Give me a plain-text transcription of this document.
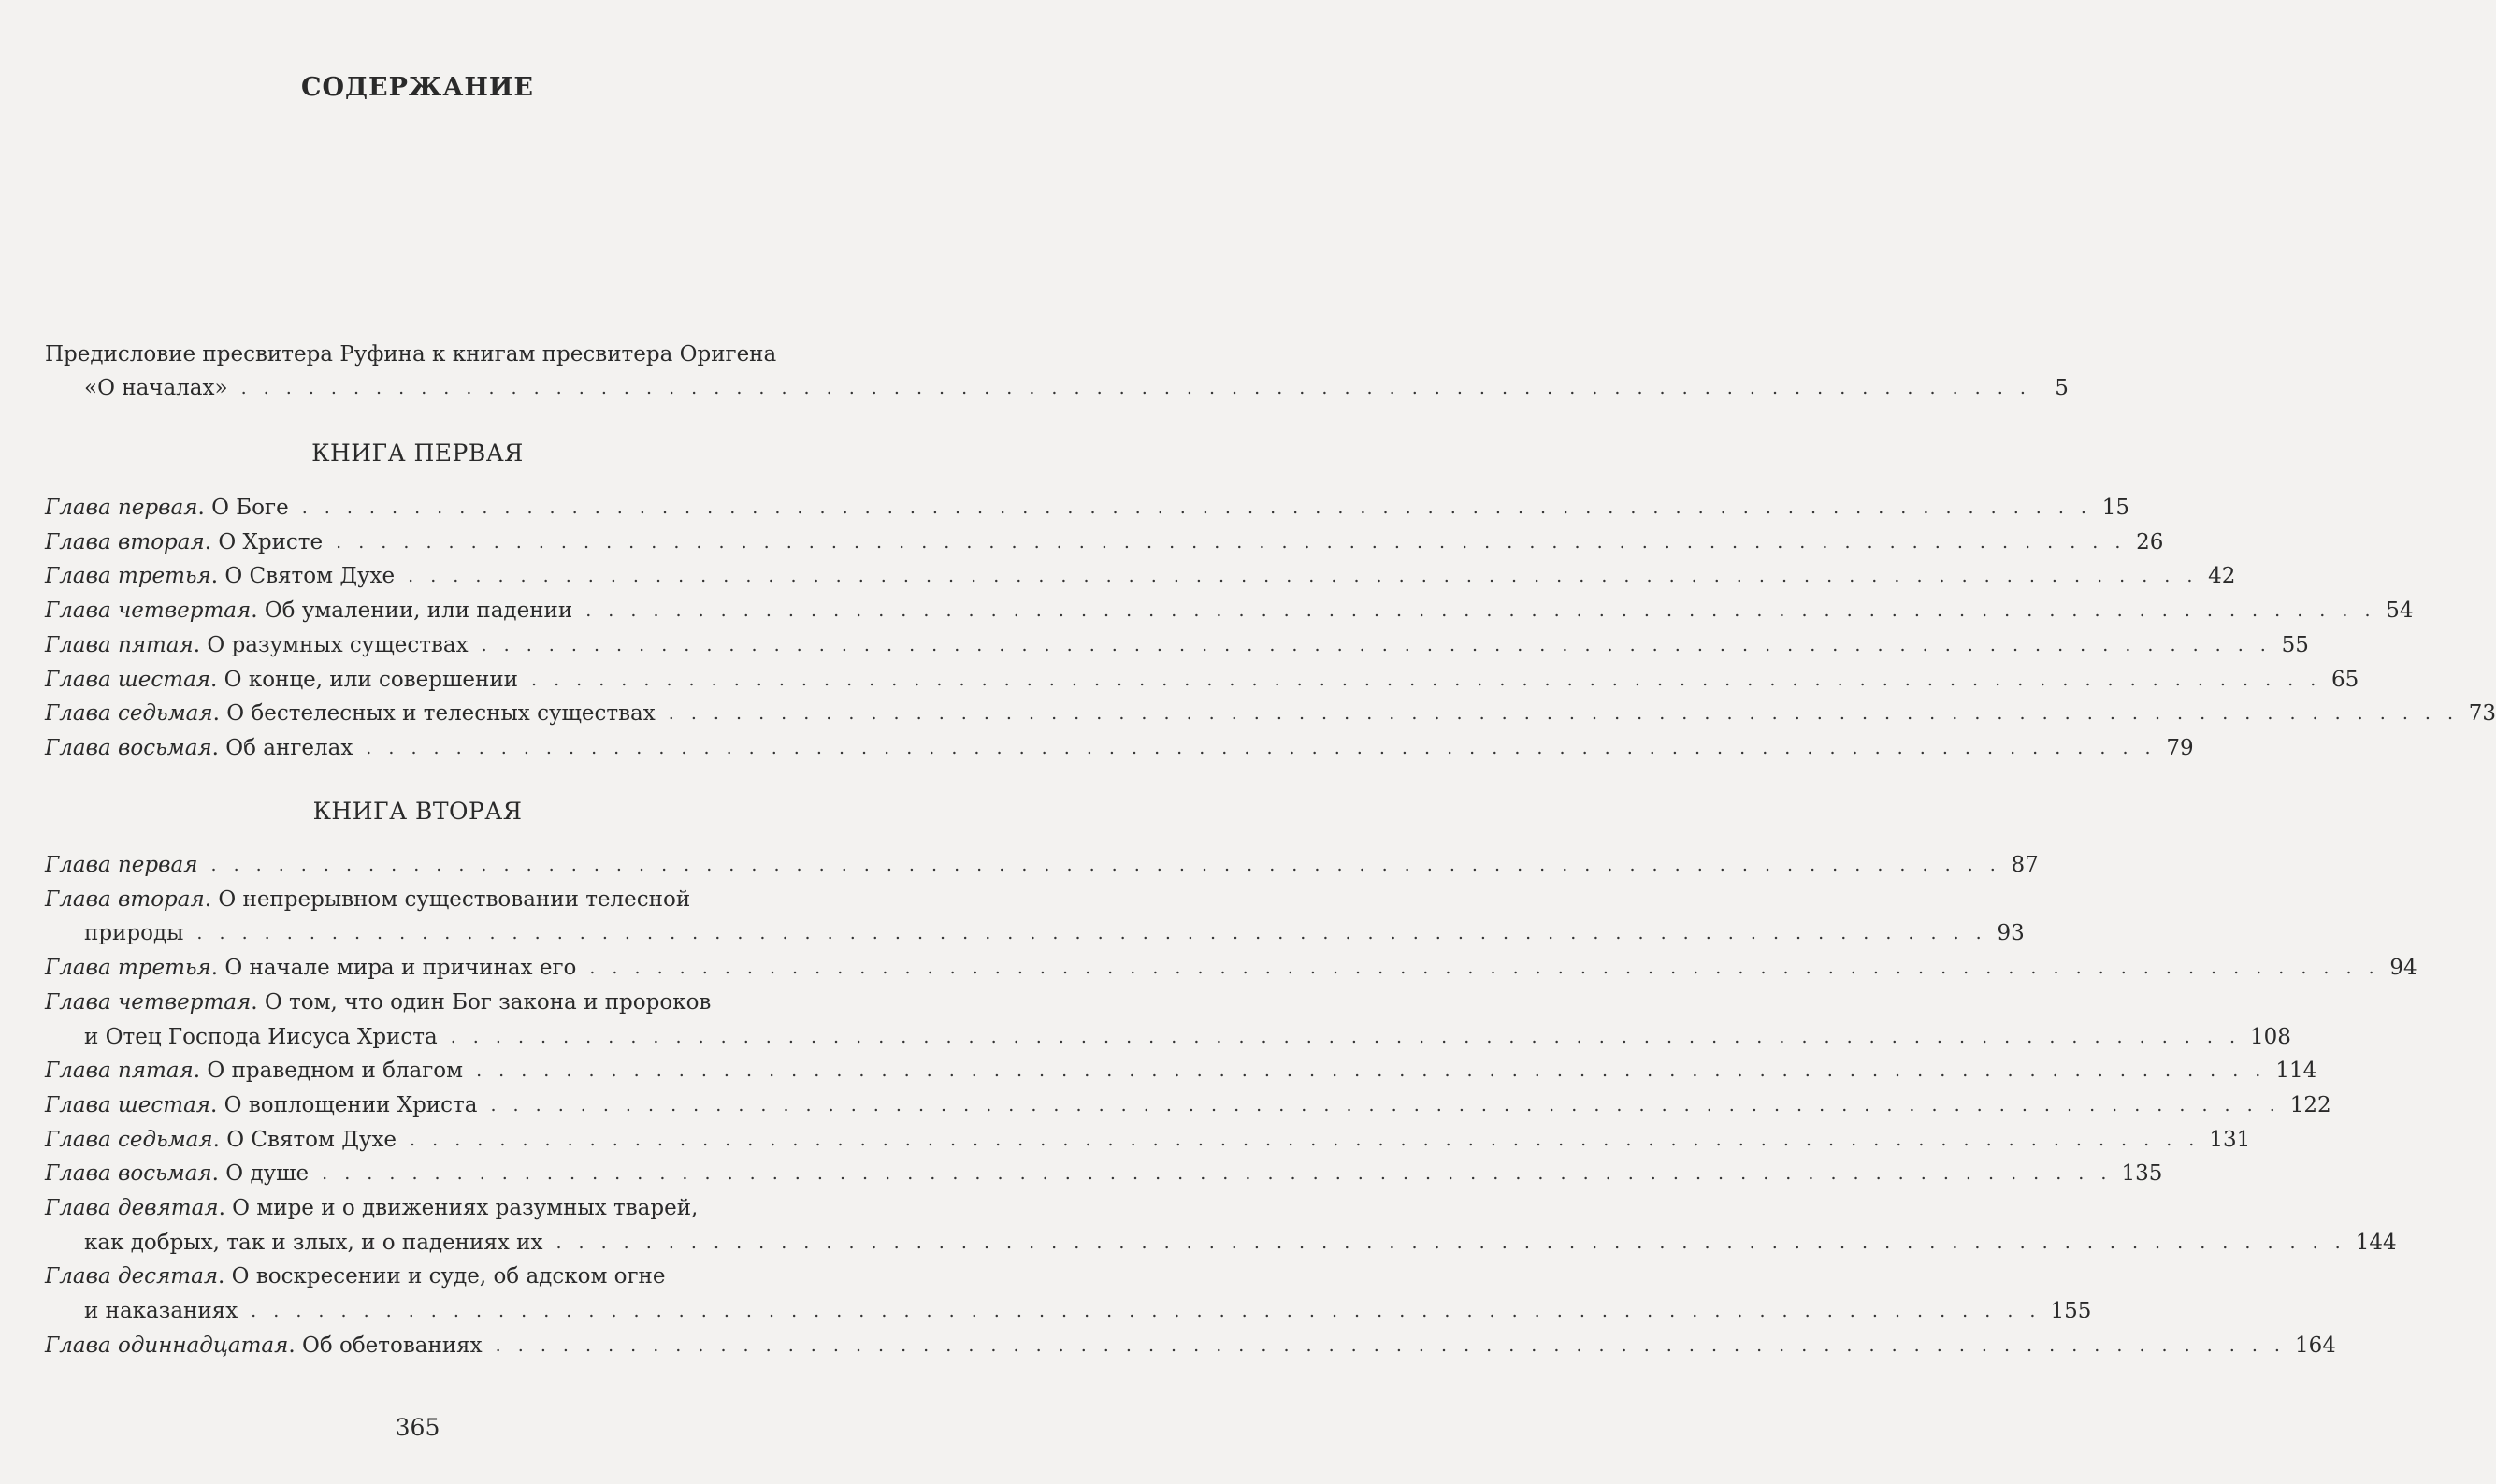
СОДЕРЖАНИЕ
Предисловие пресвитера Руфина к книгам пресвитера Оригена
«О началах» . . . . . . . . . . . . . . . . . . . . . . . . . . . . . . . . . . . . . . . . . . . . . . . . . . . . . . . . . . . . . . . . . . . . . . . . . . . . . . . .	5
КНИГА ПЕРВАЯ
Глава первая. О Боге . . . . . . . . . . . . . . . . . . . . . . . . . . . . . . . . . . . . . . . . . . . . . . . . . . . . . . . . . . . . . . . . . . . . . . . . . . . . . . . . 15
Глава вторая. О Христе . . . . . . . . . . . . . . . . . . . . . . . . . . . . . . . . . . . . . . . . . . . . . . . . . . . . . . . . . . . . . . . . . . . . . . . . . . . . . . . . 26
Глава третья. О Святом Духе . . . . . . . . . . . . . . . . . . . . . . . . . . . . . . . . . . . . . . . . . . . . . . . . . . . . . . . . . . . . . . . . . . . . . . . . . . . . . . . . 42
Глава четвертая. Об умалении, или падении . . . . . . . . . . . . . . . . . . . . . . . . . . . . . . . . . . . . . . . . . . . . . . . . . . . . . . . . . . . . . . . . . . . . . . . . . . . . . . . . 54
Глава пятая. О разумных существах . . . . . . . . . . . . . . . . . . . . . . . . . . . . . . . . . . . . . . . . . . . . . . . . . . . . . . . . . . . . . . . . . . . . . . . . . . . . . . . . 55
Глава шестая. О конце, или совершении . . . . . . . . . . . . . . . . . . . . . . . . . . . . . . . . . . . . . . . . . . . . . . . . . . . . . . . . . . . . . . . . . . . . . . . . . . . . . . . . 65
Глава седьмая. О бестелесных и телесных существах . . . . . . . . . . . . . . . . . . . . . . . . . . . . . . . . . . . . . . . . . . . . . . . . . . . . . . . . . . . . . . . . . . . . . . . . . . . . . . . . 73
Глава восьмая. Об ангелах . . . . . . . . . . . . . . . . . . . . . . . . . . . . . . . . . . . . . . . . . . . . . . . . . . . . . . . . . . . . . . . . . . . . . . . . . . . . . . . . 79
КНИГА ВТОРАЯ
Глава первая . . . . . . . . . . . . . . . . . . . . . . . . . . . . . . . . . . . . . . . . . . . . . . . . . . . . . . . . . . . . . . . . . . . . . . . . . . . . . . . . 87
Глава вторая. О непрерывном существовании телесной
природы . . . . . . . . . . . . . . . . . . . . . . . . . . . . . . . . . . . . . . . . . . . . . . . . . . . . . . . . . . . . . . . . . . . . . . . . . . . . . . . . 93
Глава третья. О начале мира и причинах его . . . . . . . . . . . . . . . . . . . . . . . . . . . . . . . . . . . . . . . . . . . . . . . . . . . . . . . . . . . . . . . . . . . . . . . . . . . . . . . . 94
Глава четвертая. О том, что один Бог закона и пророков
и Отец Господа Иисуса Христа . . . . . . . . . . . . . . . . . . . . . . . . . . . . . . . . . . . . . . . . . . . . . . . . . . . . . . . . . . . . . . . . . . . . . . . . . . . . . . . . 108
Глава пятая. О праведном и благом . . . . . . . . . . . . . . . . . . . . . . . . . . . . . . . . . . . . . . . . . . . . . . . . . . . . . . . . . . . . . . . . . . . . . . . . . . . . . . . . 114
Глава шестая. О воплощении Христа . . . . . . . . . . . . . . . . . . . . . . . . . . . . . . . . . . . . . . . . . . . . . . . . . . . . . . . . . . . . . . . . . . . . . . . . . . . . . . . . 122
Глава седьмая. О Святом Духе . . . . . . . . . . . . . . . . . . . . . . . . . . . . . . . . . . . . . . . . . . . . . . . . . . . . . . . . . . . . . . . . . . . . . . . . . . . . . . . . 131
Глава восьмая. О душе . . . . . . . . . . . . . . . . . . . . . . . . . . . . . . . . . . . . . . . . . . . . . . . . . . . . . . . . . . . . . . . . . . . . . . . . . . . . . . . . 135
Глава девятая. О мире и о движениях разумных тварей,
как добрых, так и злых, и о падениях их . . . . . . . . . . . . . . . . . . . . . . . . . . . . . . . . . . . . . . . . . . . . . . . . . . . . . . . . . . . . . . . . . . . . . . . . . . . . . . . . 144
Глава десятая. О воскресении и суде, об адском огне
и наказаниях . . . . . . . . . . . . . . . . . . . . . . . . . . . . . . . . . . . . . . . . . . . . . . . . . . . . . . . . . . . . . . . . . . . . . . . . . . . . . . . . 155
Глава одиннадцатая. Об обетованиях . . . . . . . . . . . . . . . . . . . . . . . . . . . . . . . . . . . . . . . . . . . . . . . . . . . . . . . . . . . . . . . . . . . . . . . . . . . . . . . . 164
365
